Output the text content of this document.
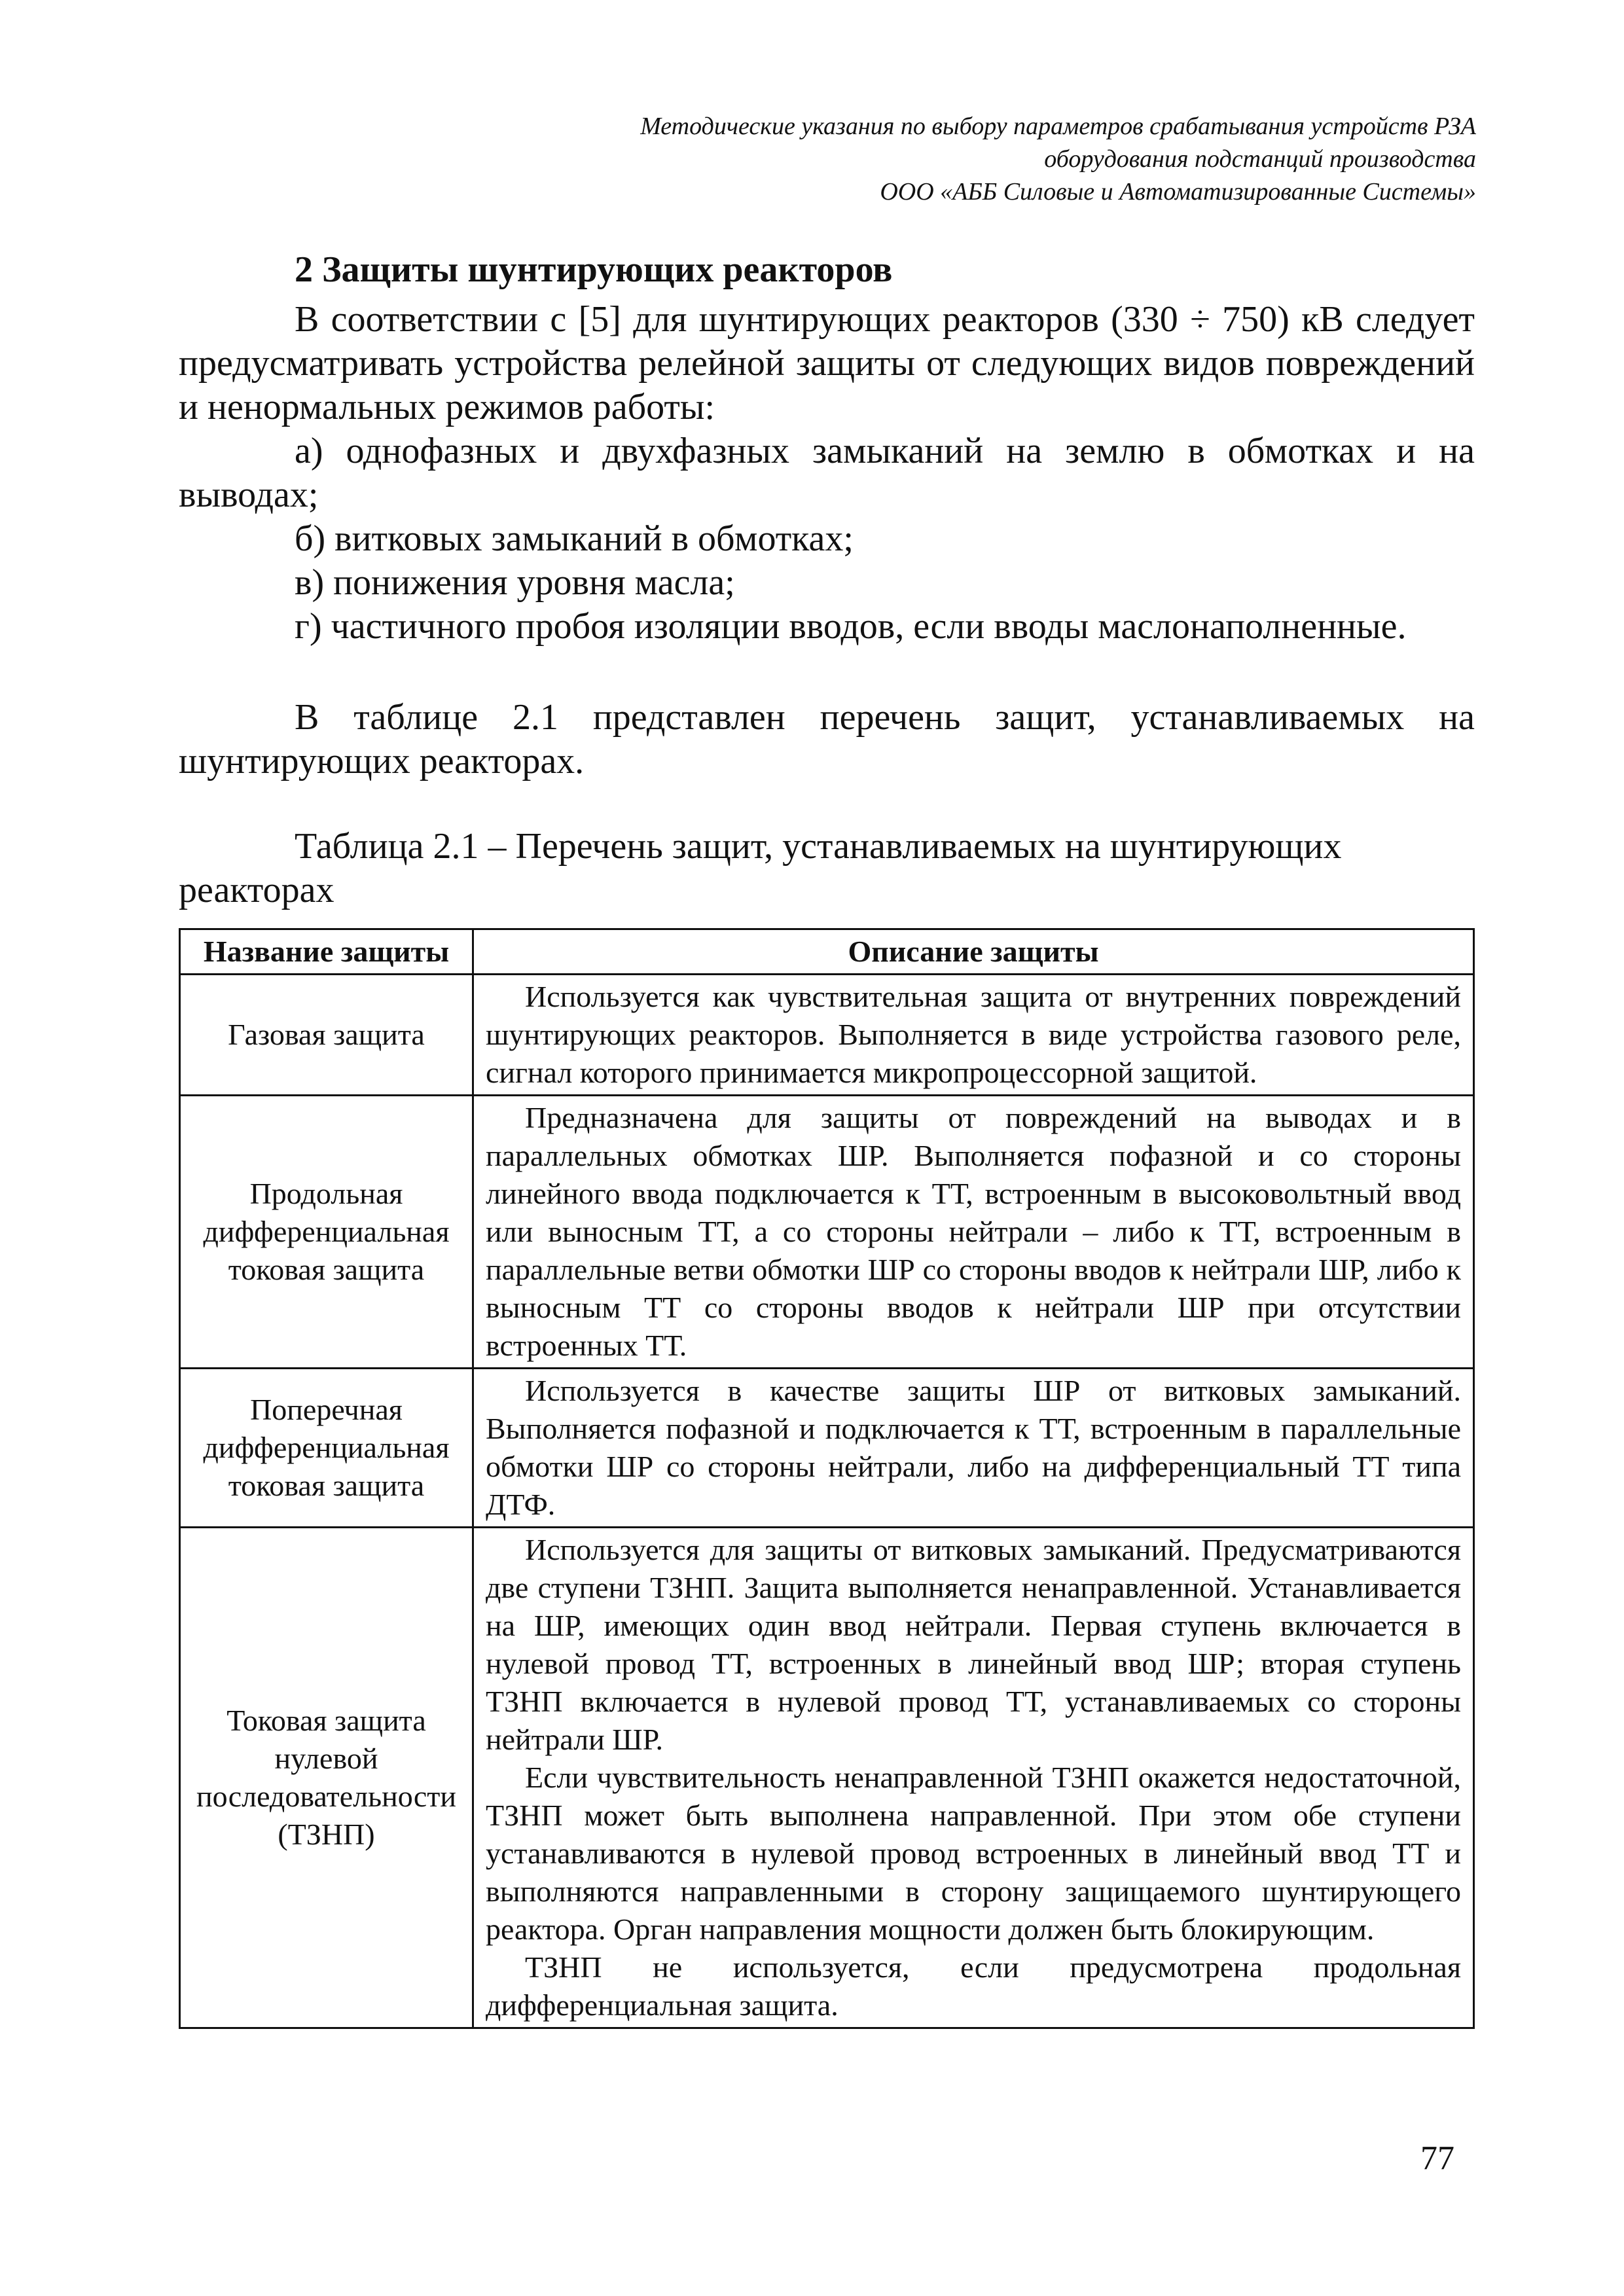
Методические указания по выбору параметров срабатывания устройств РЗА
оборудования подстанций производства
ООО «АББ Силовые и Автоматизированные Системы»
2 Защиты шунтирующих реакторов

В соответствии с [5] для шунтирующих реакторов (330 ÷ 750) кВ следует предусматривать устройства релейной защиты от следующих видов повреждений и ненормальных режимов работы:

а) однофазных и двухфазных замыканий на землю в обмотках и на выводах;

б) витковых замыканий в обмотках;

в) понижения уровня масла;

г) частичного пробоя изоляции вводов, если вводы маслонаполненные.

В таблице 2.1 представлен перечень защит, устанавливаемых на шунтирующих реакторах.

Таблица 2.1 – Перечень защит, устанавливаемых на шунтирующих реакторах

Название защиты	Описание защиты
Газовая защита	Используется как чувствительная защита от внутренних повреждений шунтирующих реакторов. Выполняется в виде устройства газового реле, сигнал которого принимается микропроцессорной защитой.

Продольная дифференциальная токовая защита	Предназначена для защиты от повреждений на выводах и в параллельных обмотках ШР. Выполняется пофазной и со стороны линейного ввода подключается к ТТ, встроенным в высоковольтный ввод или выносным ТТ, а со стороны нейтрали – либо к ТТ, встроенным в параллельные ветви обмотки ШР со стороны вводов к нейтрали ШР, либо к выносным ТТ со стороны вводов к нейтрали ШР при отсутствии встроенных ТТ.

Поперечная дифференциальная токовая защита	Используется в качестве защиты ШР от витковых замыканий. Выполняется пофазной и подключается к ТТ, встроенным в параллельные обмотки ШР со стороны нейтрали, либо на дифференциальный ТТ типа ДТФ.

Токовая защита нулевой последовательности (ТЗНП)	Используется для защиты от витковых замыканий. Предусматриваются две ступени ТЗНП. Защита выполняется ненаправленной. Устанавливается на ШР, имеющих один ввод нейтрали. Первая ступень включается в нулевой провод ТТ, встроенных в линейный ввод ШР; вторая ступень ТЗНП включается в нулевой провод ТТ, устанавливаемых со стороны нейтрали ШР.

Если чувствительность ненаправленной ТЗНП окажется недостаточной, ТЗНП может быть выполнена направленной. При этом обе ступени устанавливаются в нулевой провод встроенных в линейный ввод ТТ и выполняются направленными в сторону защищаемого шунтирующего реактора. Орган направления мощности должен быть блокирующим.

ТЗНП не используется, если предусмотрена продольная дифференциальная защита.

77
